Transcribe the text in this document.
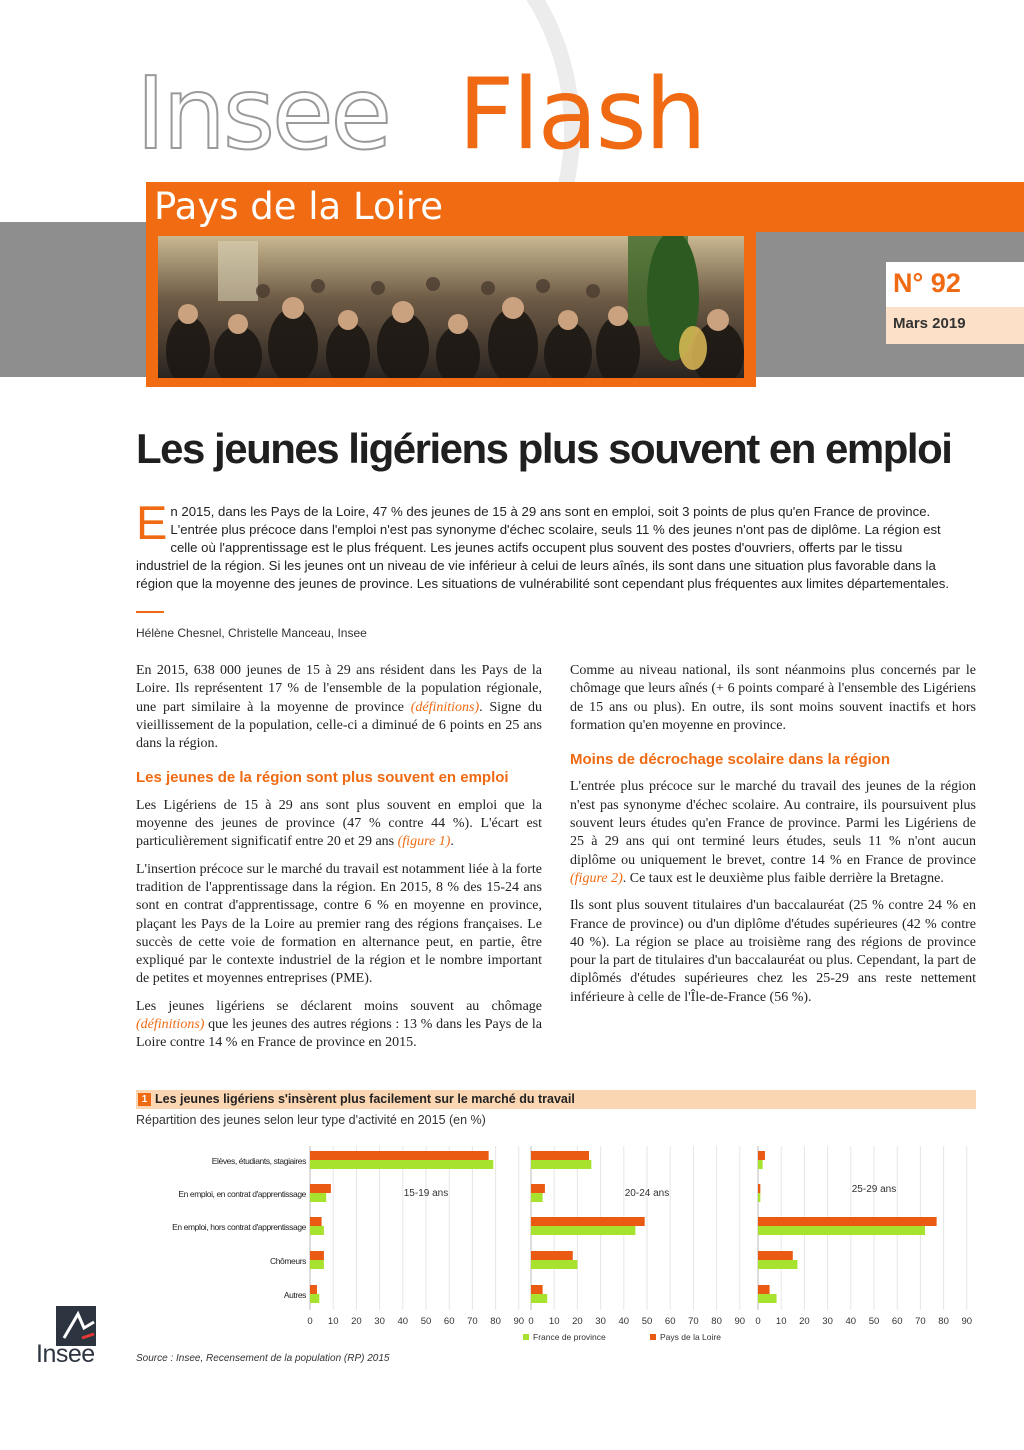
Insee Flash
Pays de la Loire
N° 92
Mars 2019
Les jeunes ligériens plus souvent en emploi
En 2015, dans les Pays de la Loire, 47 % des jeunes de 15 à 29 ans sont en emploi, soit 3 points de plus qu'en France de province. L'entrée plus précoce dans l'emploi n'est pas synonyme d'échec scolaire, seuls 11 % des jeunes n'ont pas de diplôme. La région est celle où l'apprentissage est le plus fréquent. Les jeunes actifs occupent plus souvent des postes d'ouvriers, offerts par le tissu industriel de la région. Si les jeunes ont un niveau de vie inférieur à celui de leurs aînés, ils sont dans une situation plus favorable dans la région que la moyenne des jeunes de province. Les situations de vulnérabilité sont cependant plus fréquentes aux limites départementales.
Hélène Chesnel, Christelle Manceau, Insee

En 2015, 638 000 jeunes de 15 à 29 ans résident dans les Pays de la Loire. Ils représentent 17 % de l'ensemble de la population régionale, une part similaire à la moyenne de province (définitions). Signe du vieillissement de la population, celle-ci a diminué de 6 points en 25 ans dans la région.

Les jeunes de la région sont plus souvent en emploi

Les Ligériens de 15 à 29 ans sont plus souvent en emploi que la moyenne des jeunes de province (47 % contre 44 %). L'écart est particulièrement significatif entre 20 et 29 ans (figure 1).

L'insertion précoce sur le marché du travail est notamment liée à la forte tradition de l'apprentissage dans la région. En 2015, 8 % des 15-24 ans sont en contrat d'apprentissage, contre 6 % en moyenne en province, plaçant les Pays de la Loire au premier rang des régions françaises. Le succès de cette voie de formation en alternance peut, en partie, être expliqué par le contexte industriel de la région et le nombre important de petites et moyennes entreprises (PME).

Les jeunes ligériens se déclarent moins souvent au chômage (définitions) que les jeunes des autres régions : 13 % dans les Pays de la Loire contre 14 % en France de province en 2015.

Comme au niveau national, ils sont néanmoins plus concernés par le chômage que leurs aînés (+ 6 points comparé à l'ensemble des Ligériens de 15 ans ou plus). En outre, ils sont moins souvent inactifs et hors formation qu'en moyenne en province.

Moins de décrochage scolaire dans la région

L'entrée plus précoce sur le marché du travail des jeunes de la région n'est pas synonyme d'échec scolaire. Au contraire, ils poursuivent plus souvent leurs études qu'en France de province. Parmi les Ligériens de 25 à 29 ans qui ont terminé leurs études, seuls 11 % n'ont aucun diplôme ou uniquement le brevet, contre 14 % en France de province (figure 2). Ce taux est le deuxième plus faible derrière la Bretagne.

Ils sont plus souvent titulaires d'un baccalauréat (25 % contre 24 % en France de province) ou d'un diplôme d'études supérieures (42 % contre 40 %). La région se place au troisième rang des régions de province pour la part de titulaires d'un baccalauréat ou plus. Cependant, la part de diplômés d'études supérieures chez les 25-29 ans reste nettement inférieure à celle de l'Île-de-France (56 %).

1 Les jeunes ligériens s'insèrent plus facilement sur le marché du travail
Répartition des jeunes selon leur type d'activité en 2015 (en %)
Elèves, étudiants, stagiaires
En emploi, en contrat d'apprentissage
En emploi, hors contrat d'apprentissage
Chômeurs
Autres
0 10 20 30 40 50 60 70 80 90
15-19 ans
0 10 20 30 40 50 60 70 80 90
20-24 ans
0 10 20 30 40 50 60 70 80 90
25-29 ans
France de province	Pays de la Loire
Source : Insee, Recensement de la population (RP) 2015
Insee
